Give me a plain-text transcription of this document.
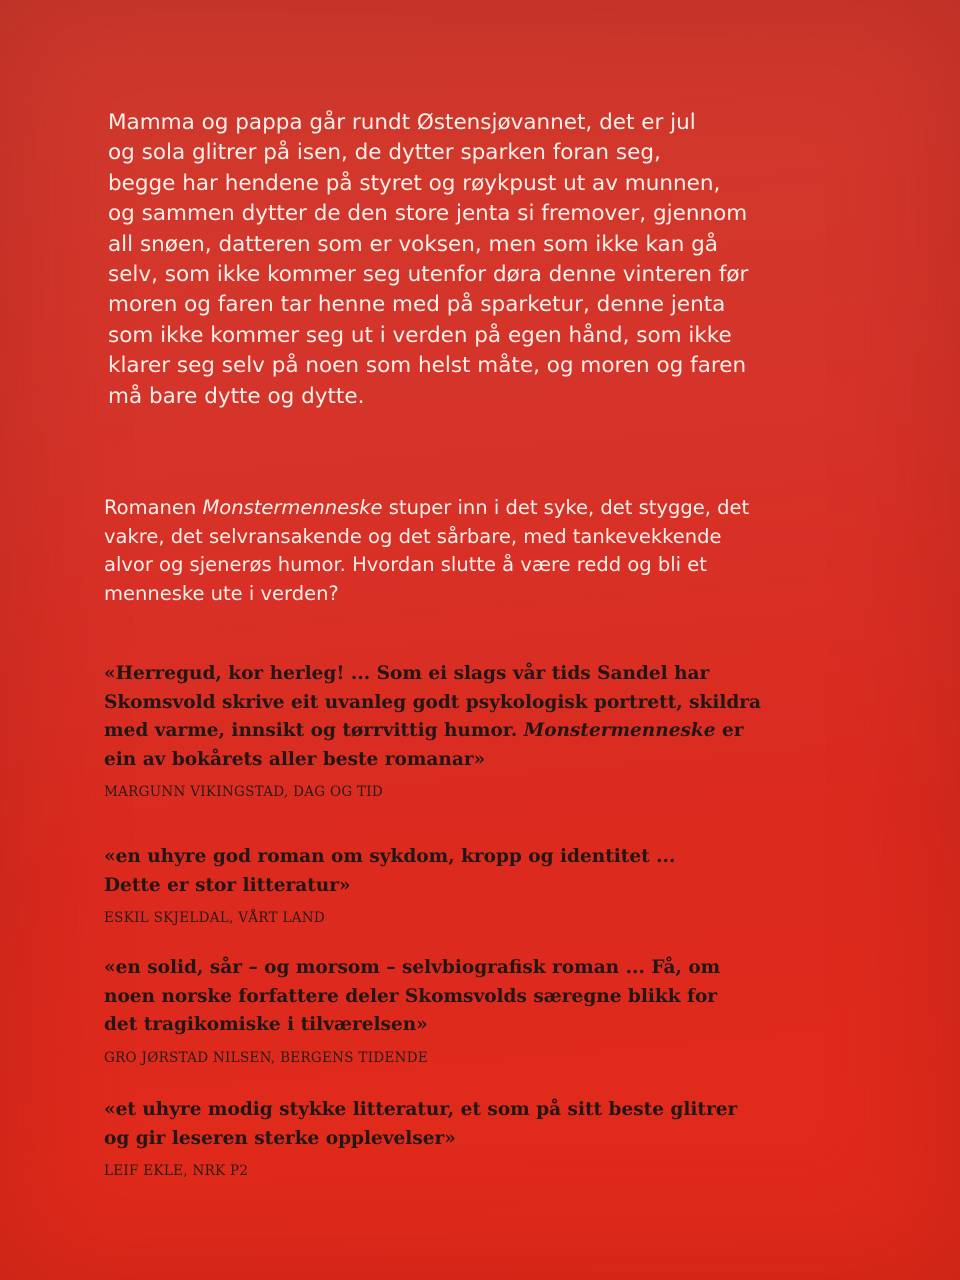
Mamma og pappa går rundt Østensjøvannet, det er jul
og sola glitrer på isen, de dytter sparken foran seg,
begge har hendene på styret og røykpust ut av munnen,
og sammen dytter de den store jenta si fremover, gjennom
all snøen, datteren som er voksen, men som ikke kan gå
selv, som ikke kommer seg utenfor døra denne vinteren før
moren og faren tar henne med på sparketur, denne jenta
som ikke kommer seg ut i verden på egen hånd, som ikke
klarer seg selv på noen som helst måte, og moren og faren
må bare dytte og dytte.
Romanen Monstermenneske stuper inn i det syke, det stygge, det
vakre, det selvransakende og det sårbare, med tankevekkende
alvor og sjenerøs humor. Hvordan slutte å være redd og bli et
menneske ute i verden?
«Herregud, kor herleg! ... Som ei slags vår tids Sandel har
Skomsvold skrive eit uvanleg godt psykologisk portrett, skildra
med varme, innsikt og tørrvittig humor. Monstermenneske er
ein av bokårets aller beste romanar»
MARGUNN VIKINGSTAD, DAG OG TID
«en uhyre god roman om sykdom, kropp og identitet ...
Dette er stor litteratur»
ESKIL SKJELDAL, VÅRT LAND
«en solid, sår – og morsom – selvbiografisk roman ... Få, om
noen norske forfattere deler Skomsvolds særegne blikk for
det tragikomiske i tilværelsen»
GRO JØRSTAD NILSEN, BERGENS TIDENDE
«et uhyre modig stykke litteratur, et som på sitt beste glitrer
og gir leseren sterke opplevelser»
LEIF EKLE, NRK P2
